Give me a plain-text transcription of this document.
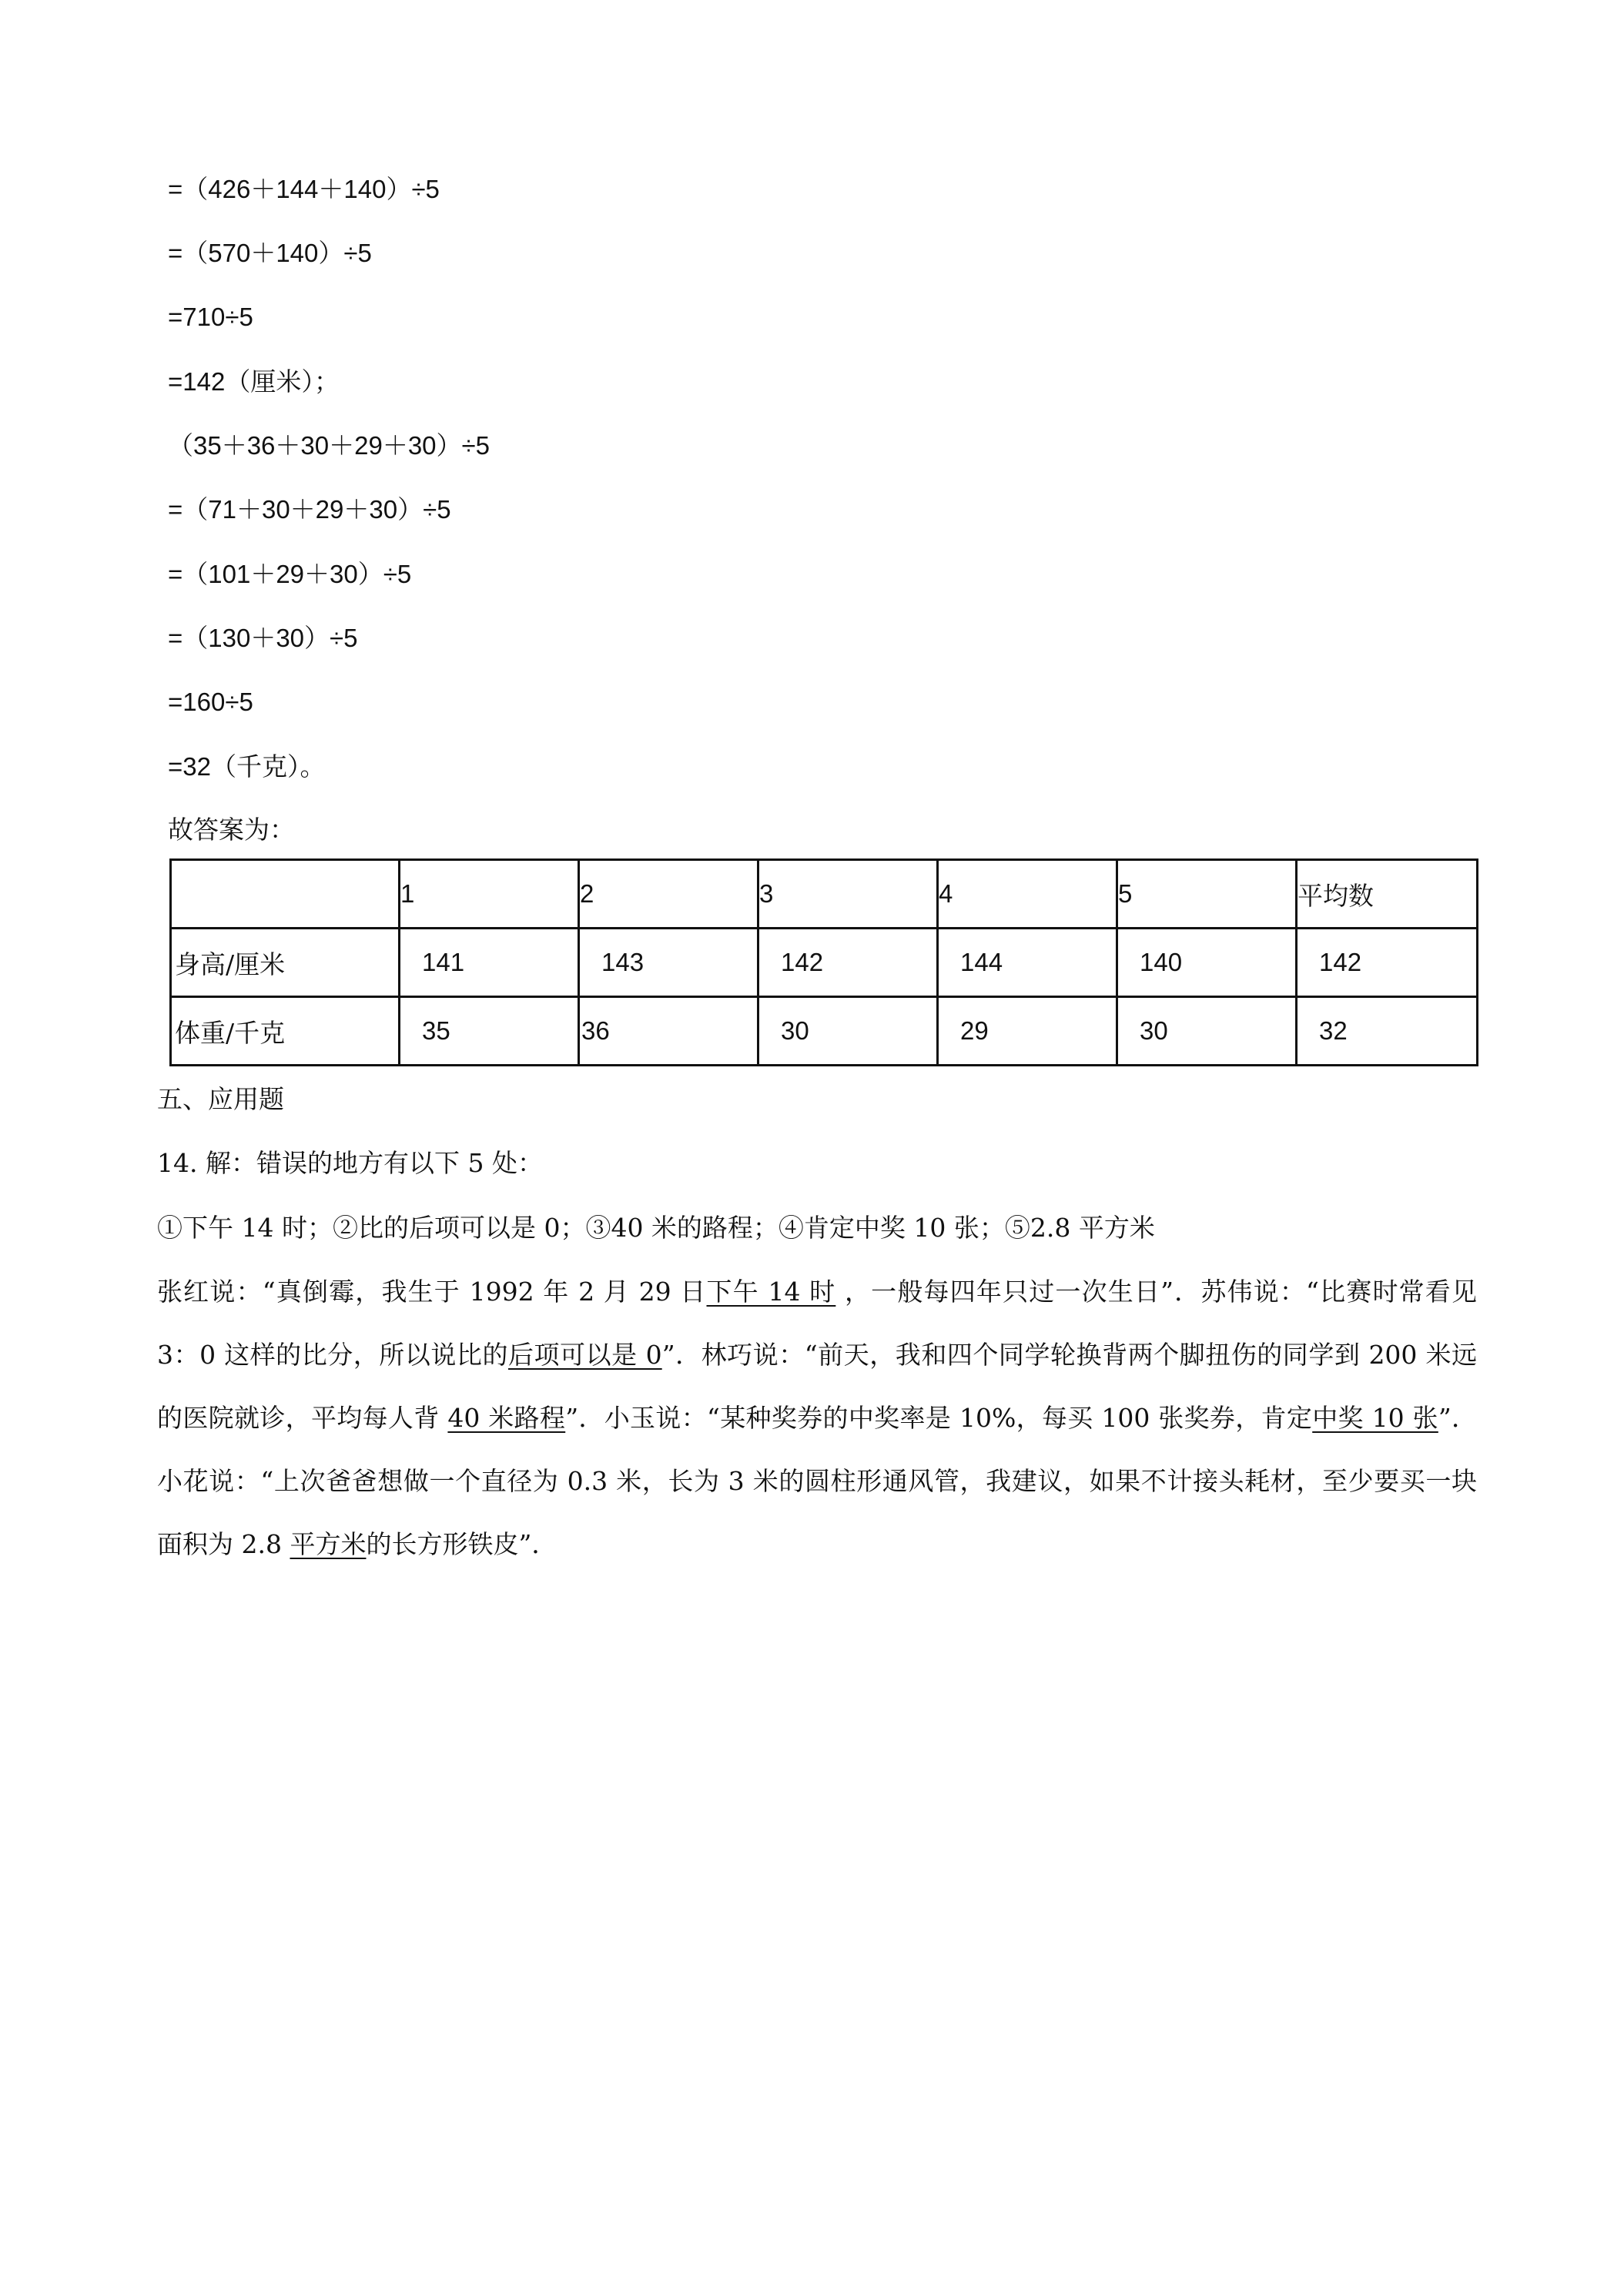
=（426＋144＋140）÷5
=（570＋140）÷5
=710÷5
=142（厘米）；
（35＋36＋30＋29＋30）÷5
=（71＋30＋29＋30）÷5
=（101＋29＋30）÷5
=（130＋30）÷5
=160÷5
=32（千克）。
故答案为：
	1	2	3	4	5	平均数
身高/厘米	141	143	142	144	140	142
体重/千克	35	36	30	29	30	32
五、应用题
14. 解：错误的地方有以下 5 处：
①下午 14 时；②比的后项可以是 0；③40 米的路程；④肯定中奖 10 张；⑤2.8 平方米
张红说：“真倒霉，我生于 1992 年 2 月 29 日下午 14 时 ，一般每四年只过一次生日”．苏伟说：“比赛时常看见 3：0 这样的比分，所以说比的后项可以是 0”．林巧说：“前天，我和四个同学轮换背两个脚扭伤的同学到 200 米远的医院就诊，平均每人背 40 米路程”．小玉说：“某种奖券的中奖率是 10%，每买 100 张奖券，肯定中奖 10 张”．小花说：“上次爸爸想做一个直径为 0.3 米，长为 3 米的圆柱形通风管，我建议，如果不计接头耗材，至少要买一块面积为 2.8 平方米的长方形铁皮”．
